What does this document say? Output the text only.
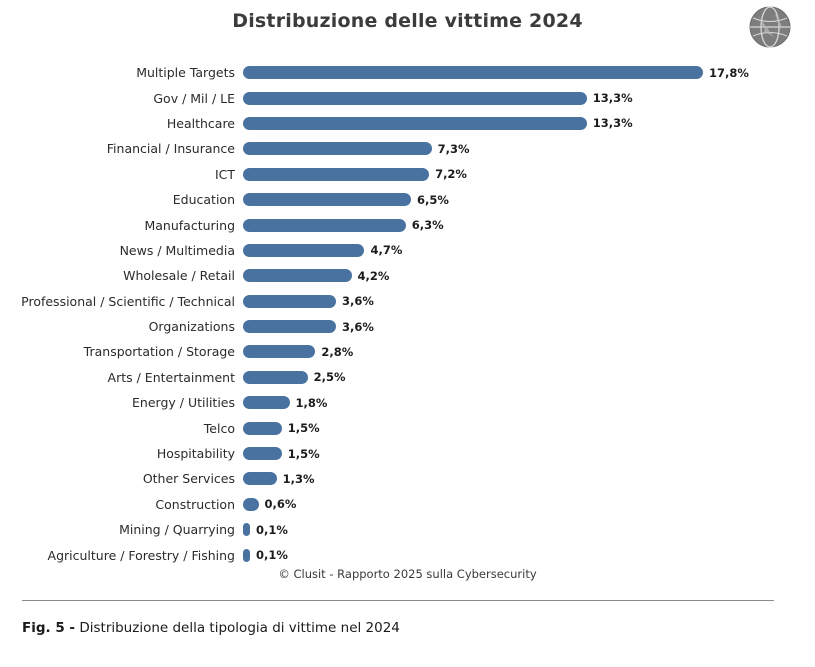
Distribuzione delle vittime 2024
Multiple Targets	17,8%
Gov / Mil / LE	13,3%
Healthcare	13,3%
Financial / Insurance	7,3%
ICT	7,2%
Education	6,5%
Manufacturing	6,3%
News / Multimedia	4,7%
Wholesale / Retail	4,2%
Professional / Scientific / Technical	3,6%
Organizations	3,6%
Transportation / Storage	2,8%
Arts / Entertainment	2,5%
Energy / Utilities	1,8%
Telco	1,5%
Hospitability	1,5%
Other Services	1,3%
Construction	0,6%
Mining / Quarrying	0,1%
Agriculture / Forestry / Fishing	0,1%
© Clusit - Rapporto 2025 sulla Cybersecurity
Fig. 5 - Distribuzione della tipologia di vittime nel 2024
